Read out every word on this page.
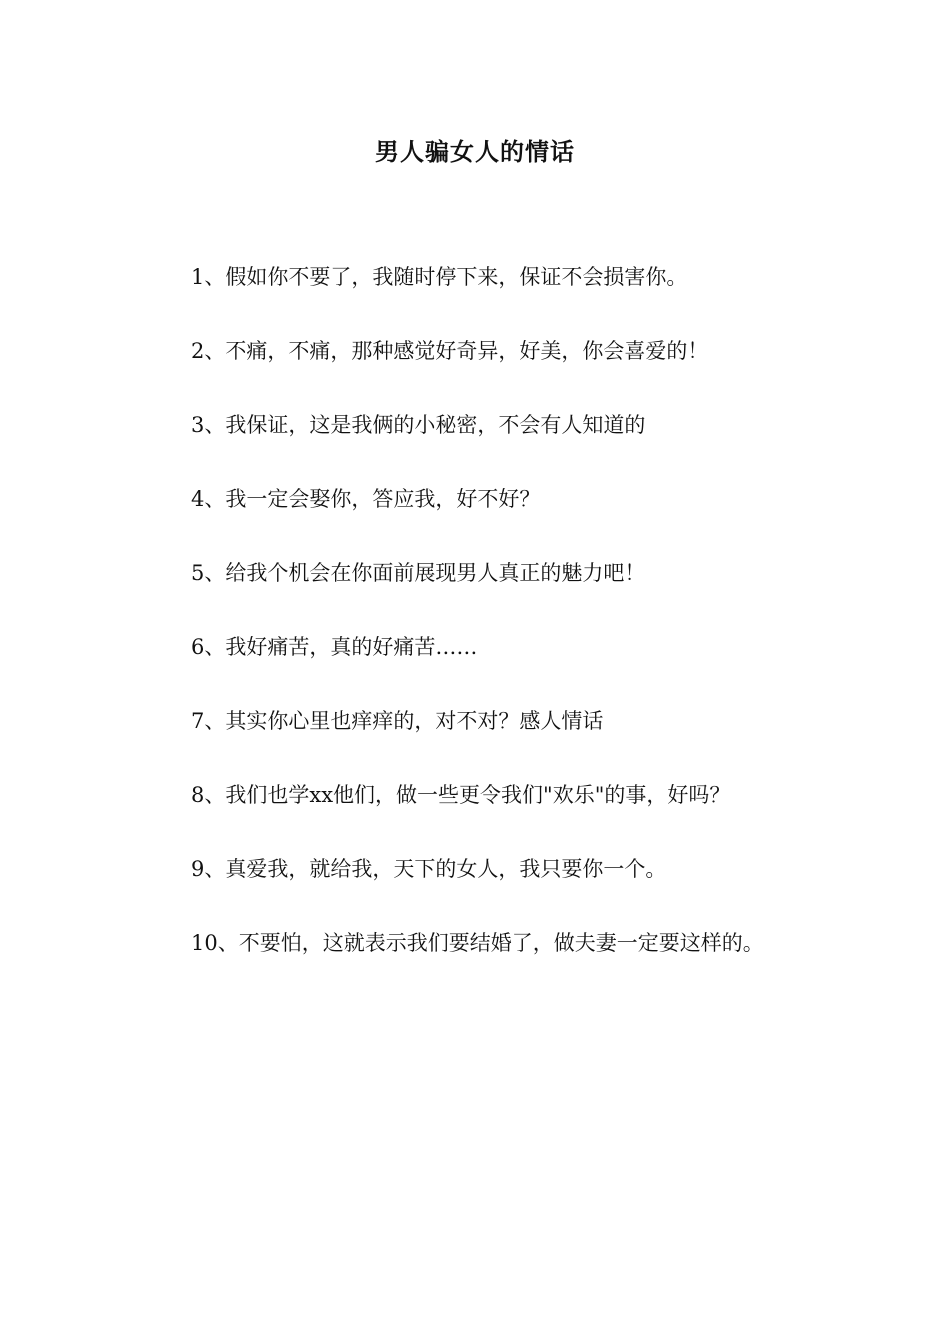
男人骗女人的情话

1、假如你不要了，我随时停下来，保证不会损害你。

2、不痛，不痛，那种感觉好奇异，好美，你会喜爱的！

3、我保证，这是我俩的小秘密，不会有人知道的

4、我一定会娶你，答应我，好不好？

5、给我个机会在你面前展现男人真正的魅力吧！

6、我好痛苦，真的好痛苦……

7、其实你心里也痒痒的，对不对？感人情话

8、我们也学xx他们，做一些更令我们"欢乐"的事，好吗？

9、真爱我，就给我，天下的女人，我只要你一个。

10、不要怕，这就表示我们要结婚了，做夫妻一定要这样的。
